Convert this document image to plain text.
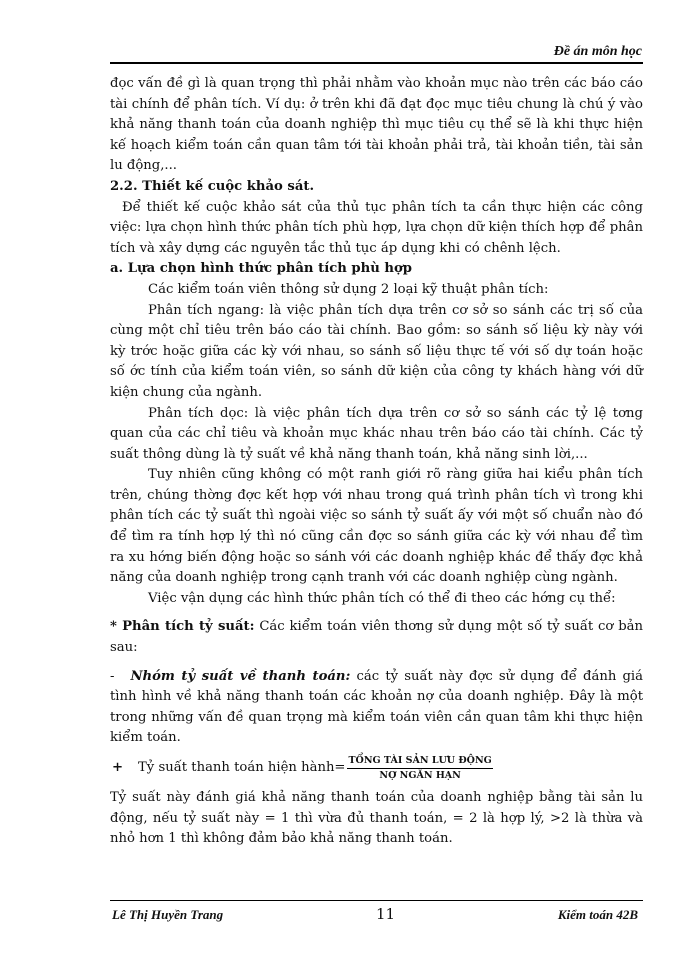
Đề án môn học

đọc vấn đề gì là quan trọng thì phải nhằm vào khoản mục nào trên các báo cáo tài chính để phân tích. Ví dụ: ở trên khi đã đạt đọc mục tiêu chung là chú ý vào khả năng thanh toán của doanh nghiệp thì mục tiêu cụ thể sẽ là khi thực hiện kế hoạch kiểm toán cần quan tâm tới tài khoản phải trả, tài khoản tiền, tài sản lu động,...

2.2. Thiết kế cuộc khảo sát.

Để thiết kế cuộc khảo sát của thủ tục phân tích ta cần thực hiện các công việc: lựa chọn hình thức phân tích phù hợp, lựa chọn dữ kiện thích hợp để phân tích và xây dựng các nguyên tắc thủ tục áp dụng khi có chênh lệch.

a. Lựa chọn hình thức phân tích phù hợp

Các kiểm toán viên thông sử dụng 2 loại kỹ thuật phân tích:

Phân tích ngang: là việc phân tích dựa trên cơ sở so sánh các trị số của cùng một chỉ tiêu trên báo cáo tài chính. Bao gồm: so sánh số liệu kỳ này với kỳ trớc hoặc giữa các kỳ với nhau, so sánh số liệu thực tế với số dự toán hoặc số ớc tính của kiểm toán viên, so sánh dữ kiện của công ty khách hàng với dữ kiện chung của ngành.

Phân tích dọc: là việc phân tích dựa trên cơ sở so sánh các tỷ lệ tơng quan của các chỉ tiêu và khoản mục khác nhau trên báo cáo tài chính. Các tỷ suất thông dùng là tỷ suất về khả năng thanh toán, khả năng sinh lời,...

Tuy nhiên cũng không có một ranh giới rõ ràng giữa hai kiểu phân tích trên, chúng thờng đợc kết hợp với nhau trong quá trình phân tích vì trong khi phân tích các tỷ suất thì ngoài việc so sánh tỷ suất ấy với một số chuẩn nào đó để tìm ra tính hợp lý thì nó cũng cần đợc so sánh giữa các kỳ với nhau để tìm ra xu hớng biến động hoặc so sánh với các doanh nghiệp khác để thấy đợc khả năng của doanh nghiệp trong cạnh tranh với các doanh nghiệp cùng ngành.

Việc vận dụng các hình thức phân tích có thể đi theo các hớng cụ thể:

* Phân tích tỷ suất: Các kiểm toán viên thơng sử dụng một số tỷ suất cơ bản sau:

- Nhóm tỷ suất về thanh toán: các tỷ suất này đợc sử dụng để đánh giá tình hình về khả năng thanh toán các khoản nợ của doanh nghiệp. Đây là một trong những vấn đề quan trọng mà kiểm toán viên cần quan tâm khi thực hiện kiểm toán.

+	Tỷ suất thanh toán hiện hành= $\frac{\text{TỔNG TÀI SẢN LƯU ĐỘNG}}{\text{NỢ NGẮN HẠN}}$

Tỷ suất này đánh giá khả năng thanh toán của doanh nghiệp bằng tài sản lu động, nếu tỷ suất này = 1 thì vừa đủ thanh toán, = 2 là hợp lý, >2 là thừa và nhỏ hơn 1 thì không đảm bảo khả năng thanh toán.

Lê Thị Huyền Trang	11	Kiểm toán 42B
